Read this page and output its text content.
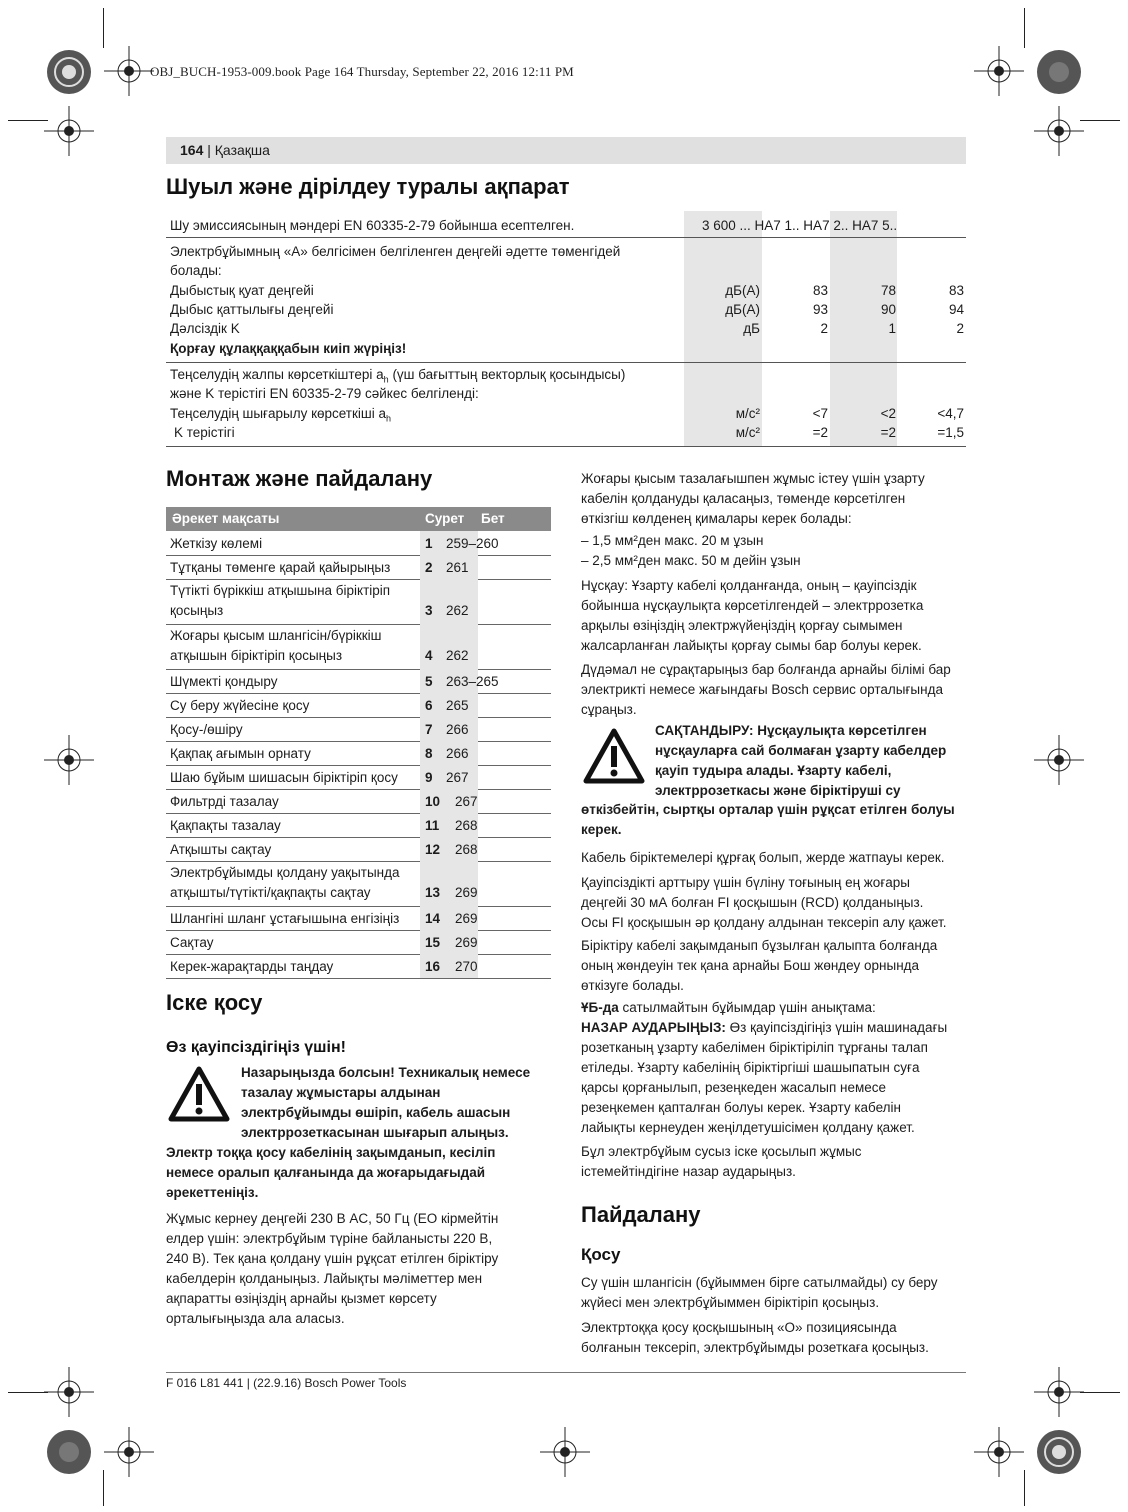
OBJ_BUCH-1953-009.book Page 164 Thursday, September 22, 2016 12:11 PM
164 | Қазақша
Шуыл және дірілдеу туралы ақпарат
Шу эмиссиясының мәндері EN 60335-2-79 бойынша есептелген.	3 600 ... HA7 1.. HA7 2.. HA7 5..
Электрбұйымның «А» белгісімен белгіленген деңгейі әдетте төменгідей
болады:
Дыбыстық қуат деңгейі	дБ(A)	83	78	83
Дыбыс қаттылығы деңгейі	дБ(A)	93	90	94
Дәлсіздік K	дБ	2	1	2
Қорғау құлаққаққабын киіп жүріңіз!
Теңселудің жалпы көрсеткіштері $a_h$ (үш бағыттың векторлық қосындысы)
және K терістігі EN 60335-2-79 сәйкес белгіленді:
Теңселудің шығарылу көрсеткіші $a_h$	м/с²	<7	<2	<4,7
K терістігі	м/с²	=2	=2	=1,5
Монтаж және пайдалану
Әрекет мақсаты	Сурет Бет
Жеткізу көлемі	1 259–260
Тұтқаны төменге қарай қайырыңыз	2 261
Түтікті бүріккіш атқышына біріктіріп
қосыңыз	3 262
Жоғары қысым шлангісін/бүріккіш
атқышын біріктіріп қосыңыз	4 262
Шүмекті қондыру	5 263–265
Су беру жүйесіне қосу	6 265
Қосу-/өшіру	7 266
Қақпақ ағымын орнату	8 266
Шаю бұйым шишасын біріктіріп қосу 9 267
Фильтрді тазалау	10 267
Қақпақты тазалау	11 268
Атқышты сақтау	12 268
Электрбұйымды қолдану уақытында
атқышты/түтікті/қақпақты сақтау	13 269
Шлангіні шланг ұстағышына енгізіңіз 14 269
Сақтау	15 269
Керек-жарақтарды таңдау	16 270
Іске қосу
Өз қауіпсіздігіңіз үшін!
Назарыңызда болсын! Техникалық немесе
тазалау жұмыстары алдынан
электрбұйымды өшіріп, кабель ашасын
электррозеткасынан шығарып алыңыз.
Электр тоққа қосу кабелінің зақымданып, кесіліп
немесе оралып қалғанында да жоғарыдағыдай
әрекеттеніңіз.
Жұмыс кернеу деңгейі 230 В AC, 50 Гц (ЕО кірмейтін
елдер үшін: электрбұйым түріне байланысты 220 В,
240 В). Тек қана қолдану үшін рұқсат етілген біріктіру
кабелдерін қолданыңыз. Лайықты мәліметтер мен
ақпаратты өзіңіздің арнайы қызмет көрсету
орталығыңызда ала аласыз.
Жоғары қысым тазалағышпен жұмыс істеу үшін ұзарту
кабелін қолдануды қаласаңыз, төменде көрсетілген
өткізгіш көлденең қималары керек болады:
– 1,5 мм²ден макс. 20 м ұзын
– 2,5 мм²ден макс. 50 м дейін ұзын
Нұсқау: Ұзарту кабелі қолданғанда, оның – қауіпсіздік
бойынша нұсқаулықта көрсетілгендей – электррозетка
арқылы өзіңіздің электржүйеңіздің қорғау сымымен
жалсарланған лайықты қорғау сымы бар болуы керек.
Дүдәмал не сұрақтарыңыз бар болғанда арнайы білімі бар
электрикті немесе жағындағы Bosch сервис орталығында
сұраңыз.
САҚТАНДЫРУ: Нұсқаулықта көрсетілген
нұсқауларға сай болмаған ұзарту кабелдер
қауіп тудыра алады. Ұзарту кабелі,
электррозеткасы және біріктіруші су
өткізбейтін, сыртқы орталар үшін рұқсат етілген болуы
керек.
Кабель біріктемелері құрғақ болып, жерде жатпауы керек.
Қауіпсіздікті арттыру үшін бүліну тоғының ең жоғары
деңгейі 30 мА болған FI қосқышын (RCD) қолданыңыз.
Осы FI қосқышын әр қолдану алдынан тексеріп алу қажет.
Біріктіру кабелі зақымданып бұзылған қалыпта болғанда
оның жөндеуін тек қана арнайы Бош жөндеу орнында
өткізуге болады.
ҰБ-да сатылмайтын бұйымдар үшін анықтама:
НАЗАР АУДАРЫҢЫЗ: Өз қауіпсіздігіңіз үшін машинадағы
розетканың ұзарту кабелімен біріктіріліп тұрғаны талап
етіледы. Ұзарту кабелінің біріктіргіші шашыпатын суға
қарсы қорғанылып, резеңкеден жасалып немесе
резеңкемен қапталған болуы керек. Ұзарту кабелін
лайықты кернеуден жеңілдетушісімен қолдану қажет.
Бұл электрбұйым сусыз іске қосылып жұмыс
істемейтіндігіне назар аударыңыз.
Пайдалану
Қосу
Су үшін шлангісін (бұйыммен бірге сатылмайды) су беру
жүйесі мен электрбұйыммен біріктіріп қосыңыз.
Электртоққа қосу қосқышының «O» позициясында
болғанын тексеріп, электрбұйымды розеткаға қосыңыз.
F 016 L81 441 | (22.9.16) Bosch Power Tools
